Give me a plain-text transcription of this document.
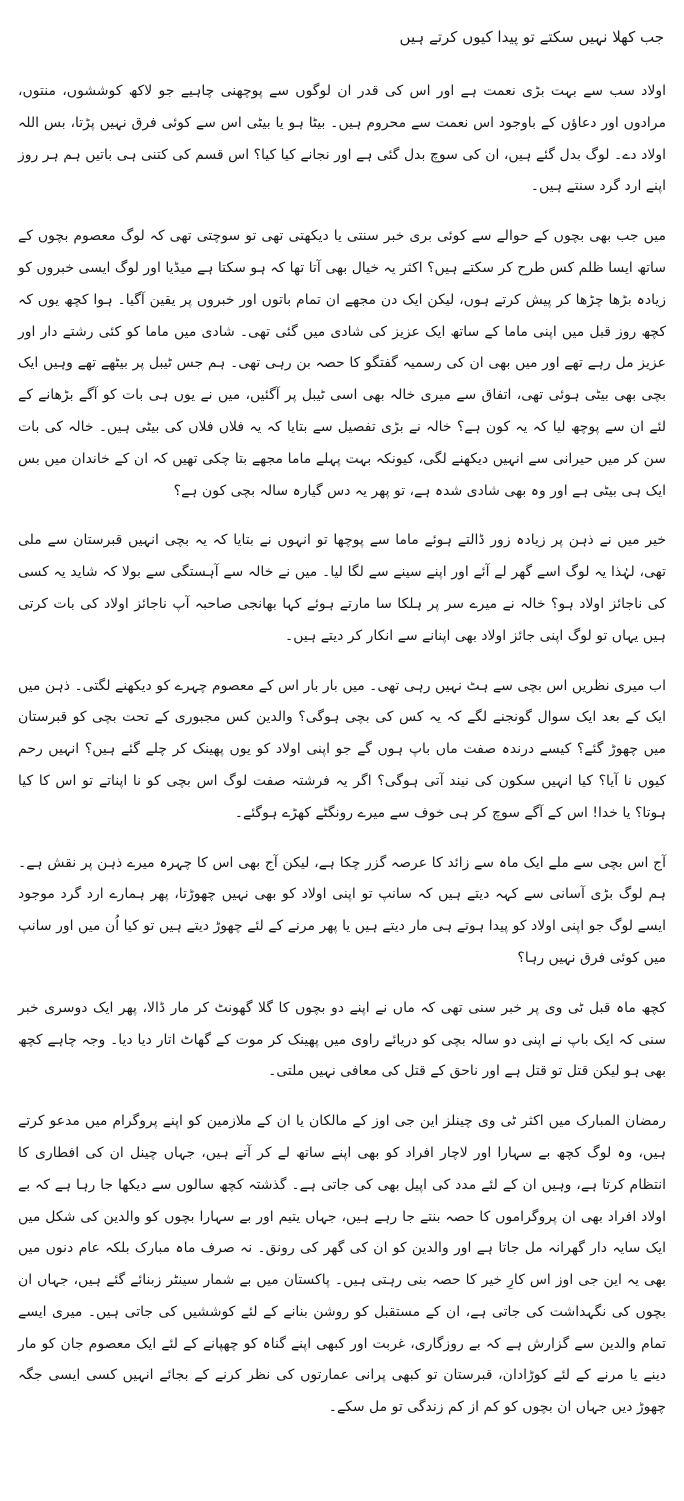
جب کھلا نہیں سکتے تو پیدا کیوں کرتے ہیں

اولاد سب سے بہت بڑی نعمت ہے اور اس کی قدر ان لوگوں سے پوچھنی چاہیے جو لاکھ کوششوں، منتوں، مرادوں اور دعاؤں کے باوجود اس نعمت سے محروم ہیں۔ بیٹا ہو یا بیٹی اس سے کوئی فرق نہیں پڑتا، بس اللہ اولاد دے۔ لوگ بدل گئے ہیں، ان کی سوچ بدل گئی ہے اور نجانے کیا کیا؟ اس قسم کی کتنی ہی باتیں ہم ہر روز اپنے ارد گرد سنتے ہیں۔

میں جب بھی بچوں کے حوالے سے کوئی بری خبر سنتی یا دیکھتی تھی تو سوچتی تھی کہ لوگ معصوم بچوں کے ساتھ ایسا ظلم کس طرح کر سکتے ہیں؟ اکثر یہ خیال بھی آتا تھا کہ ہو سکتا ہے میڈیا اور لوگ ایسی خبروں کو زیادہ بڑھا چڑھا کر پیش کرتے ہوں، لیکن ایک دن مجھے ان تمام باتوں اور خبروں پر یقین آگیا۔ ہوا کچھ یوں کہ کچھ روز قبل میں اپنی ماما کے ساتھ ایک عزیز کی شادی میں گئی تھی۔ شادی میں ماما کو کئی رشتے دار اور عزیز مل رہے تھے اور میں بھی ان کی رسمیہ گفتگو کا حصہ بن رہی تھی۔ ہم جس ٹیبل پر بیٹھے تھے وہیں ایک بچی بھی بیٹی ہوئی تھی، اتفاق سے میری خالہ بھی اسی ٹیبل پر آگئیں، میں نے یوں ہی بات کو آگے بڑھانے کے لئے ان سے پوچھ لیا کہ یہ کون ہے؟ خالہ نے بڑی تفصیل سے بتایا کہ یہ فلاں فلاں کی بیٹی ہیں۔ خالہ کی بات سن کر میں حیرانی سے انہیں دیکھنے لگی، کیونکہ بہت پہلے ماما مجھے بتا چکی تھیں کہ ان کے خاندان میں بس ایک ہی بیٹی ہے اور وہ بھی شادی شدہ ہے، تو پھر یہ دس گیارہ سالہ بچی کون ہے؟

خیر میں نے ذہن پر زیادہ زور ڈالتے ہوئے ماما سے پوچھا تو انہوں نے بتایا کہ یہ بچی انہیں قبرستان سے ملی تھی، لہٰذا یہ لوگ اسے گھر لے آئے اور اپنے سینے سے لگا لیا۔ میں نے خالہ سے آہستگی سے بولا کہ شاید یہ کسی کی ناجائز اولاد ہو؟ خالہ نے میرے سر پر ہلکا سا مارتے ہوئے کہا بھانجی صاحبہ آپ ناجائز اولاد کی بات کرتی ہیں یہاں تو لوگ اپنی جائز اولاد بھی اپنانے سے انکار کر دیتے ہیں۔

اب میری نظریں اس بچی سے ہٹ نہیں رہی تھی۔ میں بار بار اس کے معصوم چہرے کو دیکھنے لگتی۔ ذہن میں ایک کے بعد ایک سوال گونجنے لگے کہ یہ کس کی بچی ہوگی؟ والدین کس مجبوری کے تحت بچی کو قبرستان میں چھوڑ گئے؟ کیسے درندہ صفت ماں باپ ہوں گے جو اپنی اولاد کو یوں پھینک کر چلے گئے ہیں؟ انہیں رحم کیوں نا آیا؟ کیا انہیں سکون کی نیند آتی ہوگی؟ اگر یہ فرشتہ صفت لوگ اس بچی کو نا اپناتے تو اس کا کیا ہوتا؟ یا خدا! اس کے آگے سوچ کر ہی خوف سے میرے رونگٹے کھڑے ہوگئے۔

آج اس بچی سے ملے ایک ماہ سے زائد کا عرصہ گزر چکا ہے، لیکن آج بھی اس کا چہرہ میرے ذہن پر نقش ہے۔ ہم لوگ بڑی آسانی سے کہہ دیتے ہیں کہ سانپ تو اپنی اولاد کو بھی نہیں چھوڑتا، پھر ہمارے ارد گرد موجود ایسے لوگ جو اپنی اولاد کو پیدا ہوتے ہی مار دیتے ہیں یا پھر مرنے کے لئے چھوڑ دیتے ہیں تو کیا اُن میں اور سانپ میں کوئی فرق نہیں رہا؟

کچھ ماہ قبل ٹی وی پر خبر سنی تھی کہ ماں نے اپنے دو بچوں کا گلا گھونٹ کر مار ڈالا، پھر ایک دوسری خبر سنی کہ ایک باپ نے اپنی دو سالہ بچی کو دریائے راوی میں پھینک کر موت کے گھاٹ اتار دیا دیا۔ وجہ چاہے کچھ بھی ہو لیکن قتل تو قتل ہے اور ناحق کے قتل کی معافی نہیں ملتی۔

رمضان المبارک میں اکثر ٹی وی چینلز این جی اوز کے مالکان یا ان کے ملازمین کو اپنے پروگرام میں مدعو کرتے ہیں، وہ لوگ کچھ بے سہارا اور لاچار افراد کو بھی اپنے ساتھ لے کر آتے ہیں، جہاں چینل ان کی افطاری کا انتظام کرتا ہے، وہیں ان کے لئے مدد کی اپیل بھی کی جاتی ہے۔ گذشتہ کچھ سالوں سے دیکھا جا رہا ہے کہ بے اولاد افراد بھی ان پروگراموں کا حصہ بنتے جا رہے ہیں، جہاں یتیم اور بے سہارا بچوں کو والدین کی شکل میں ایک سایہ دار گھرانہ مل جاتا ہے اور والدین کو ان کی گھر کی رونق۔ نہ صرف ماہ مبارک بلکہ عام دنوں میں بھی یہ این جی اوز اس کارِ خیر کا حصہ بنی رہتی ہیں۔ پاکستان میں بے شمار سینٹر زبنائے گئے ہیں، جہاں ان بچوں کی نگہداشت کی جاتی ہے، ان کے مستقبل کو روشن بنانے کے لئے کوششیں کی جاتی ہیں۔ میری ایسے تمام والدین سے گزارش ہے کہ بے روزگاری، غربت اور کبھی اپنے گناہ کو چھپانے کے لئے ایک معصوم جان کو مار دینے یا مرنے کے لئے کوڑادان، قبرستان تو کبھی پرانی عمارتوں کی نظر کرنے کے بجائے انہیں کسی ایسی جگہ چھوڑ دیں جہاں ان بچوں کو کم از کم زندگی تو مل سکے۔
